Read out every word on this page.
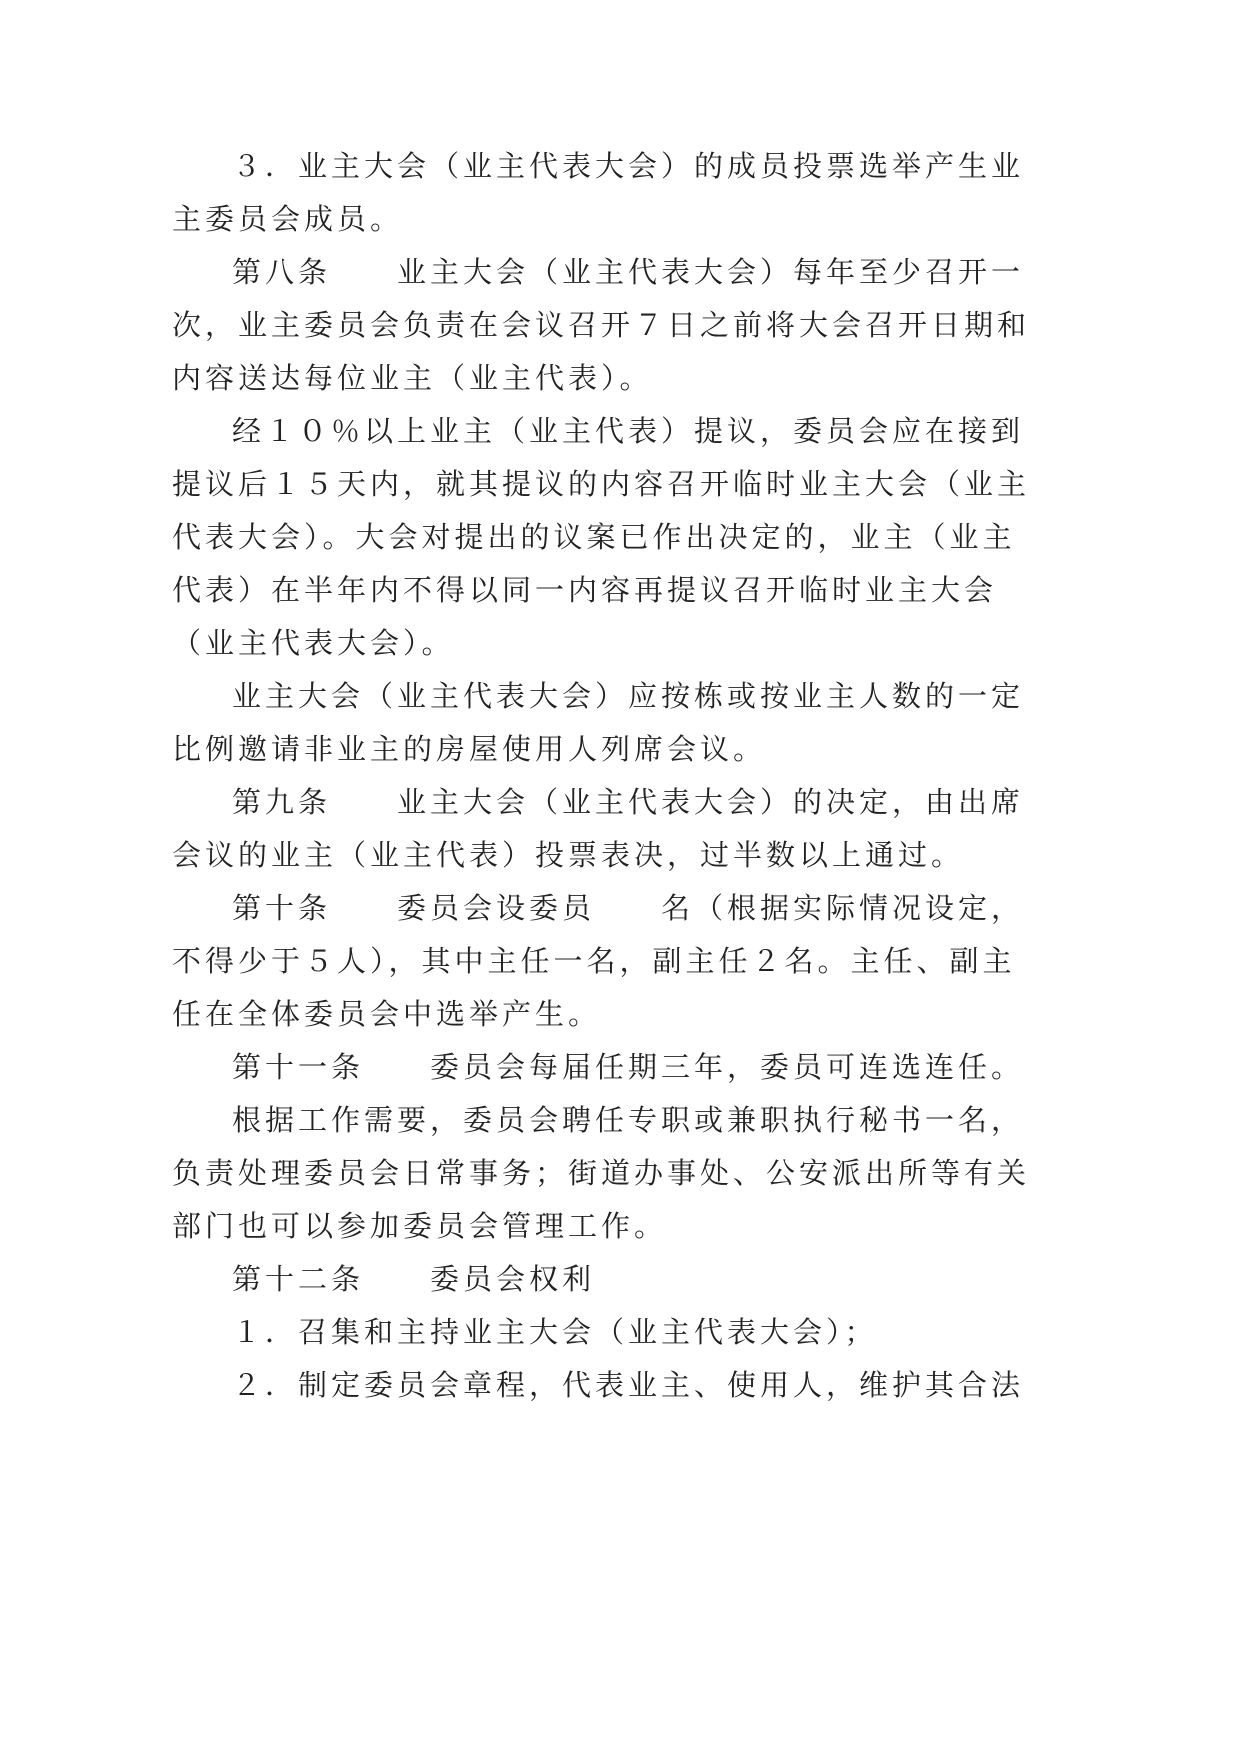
３．业主大会（业主代表大会）的成员投票选举产生业
主委员会成员。
第八条　　业主大会（业主代表大会）每年至少召开一
次，业主委员会负责在会议召开７日之前将大会召开日期和
内容送达每位业主（业主代表）。
经１０％以上业主（业主代表）提议，委员会应在接到
提议后１５天内，就其提议的内容召开临时业主大会（业主
代表大会）。大会对提出的议案已作出决定的，业主（业主
代表）在半年内不得以同一内容再提议召开临时业主大会
（业主代表大会）。
业主大会（业主代表大会）应按栋或按业主人数的一定
比例邀请非业主的房屋使用人列席会议。
第九条　　业主大会（业主代表大会）的决定，由出席
会议的业主（业主代表）投票表决，过半数以上通过。
第十条　　委员会设委员　　名（根据实际情况设定，
不得少于５人），其中主任一名，副主任２名。主任、副主
任在全体委员会中选举产生。
第十一条　　委员会每届任期三年，委员可连选连任。
根据工作需要，委员会聘任专职或兼职执行秘书一名，
负责处理委员会日常事务；街道办事处、公安派出所等有关
部门也可以参加委员会管理工作。
第十二条　　委员会权利
１．召集和主持业主大会（业主代表大会）；
２．制定委员会章程，代表业主、使用人，维护其合法
